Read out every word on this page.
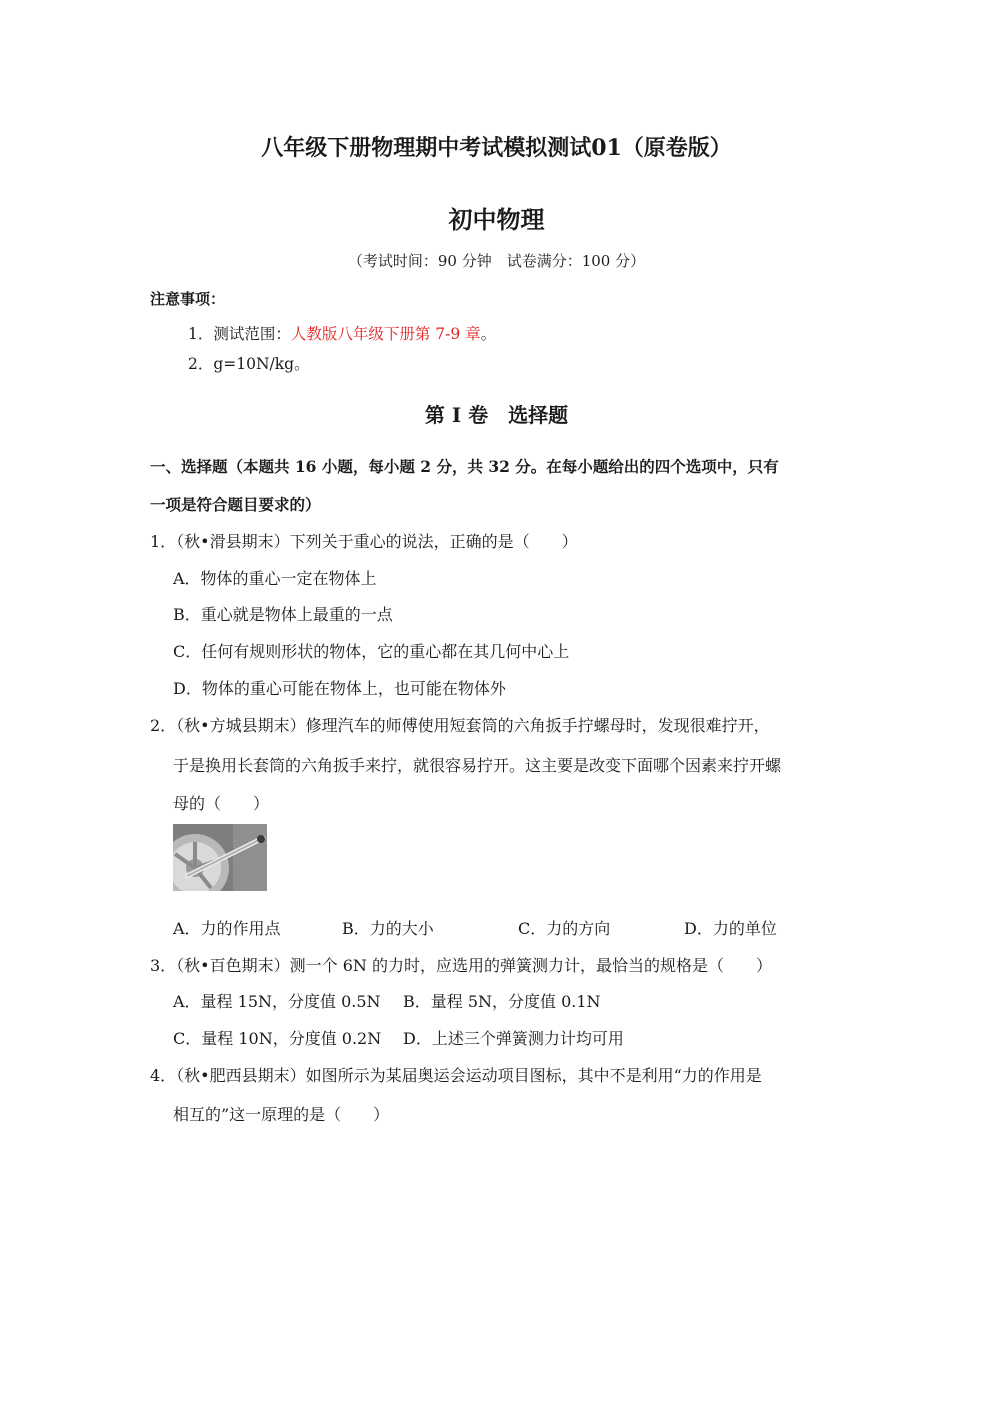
八年级下册物理期中考试模拟测试01（原卷版）
初中物理
（考试时间：90 分钟　试卷满分：100 分）
注意事项：
1．测试范围：人教版八年级下册第 7-9 章。
2．g=10N/kg。
第 I 卷　选择题
一、选择题（本题共 16 小题，每小题 2 分，共 32 分。在每小题给出的四个选项中，只有
一项是符合题目要求的）
1．（秋•滑县期末）下列关于重心的说法，正确的是（　　）
A．物体的重心一定在物体上
B．重心就是物体上最重的一点
C．任何有规则形状的物体，它的重心都在其几何中心上
D．物体的重心可能在物体上，也可能在物体外
2．（秋•方城县期末）修理汽车的师傅使用短套筒的六角扳手拧螺母时，发现很难拧开，
于是换用长套筒的六角扳手来拧，就很容易拧开。这主要是改变下面哪个因素来拧开螺
母的（　　）
A．力的作用点	B．力的大小	C．力的方向	D．力的单位
3．（秋•百色期末）测一个 6N 的力时，应选用的弹簧测力计，最恰当的规格是（　　）
A．量程 15N，分度值 0.5N B．量程 5N，分度值 0.1N
C．量程 10N，分度值 0.2N D．上述三个弹簧测力计均可用
4．（秋•肥西县期末）如图所示为某届奥运会运动项目图标，其中不是利用“力的作用是
相互的”这一原理的是（　　）
